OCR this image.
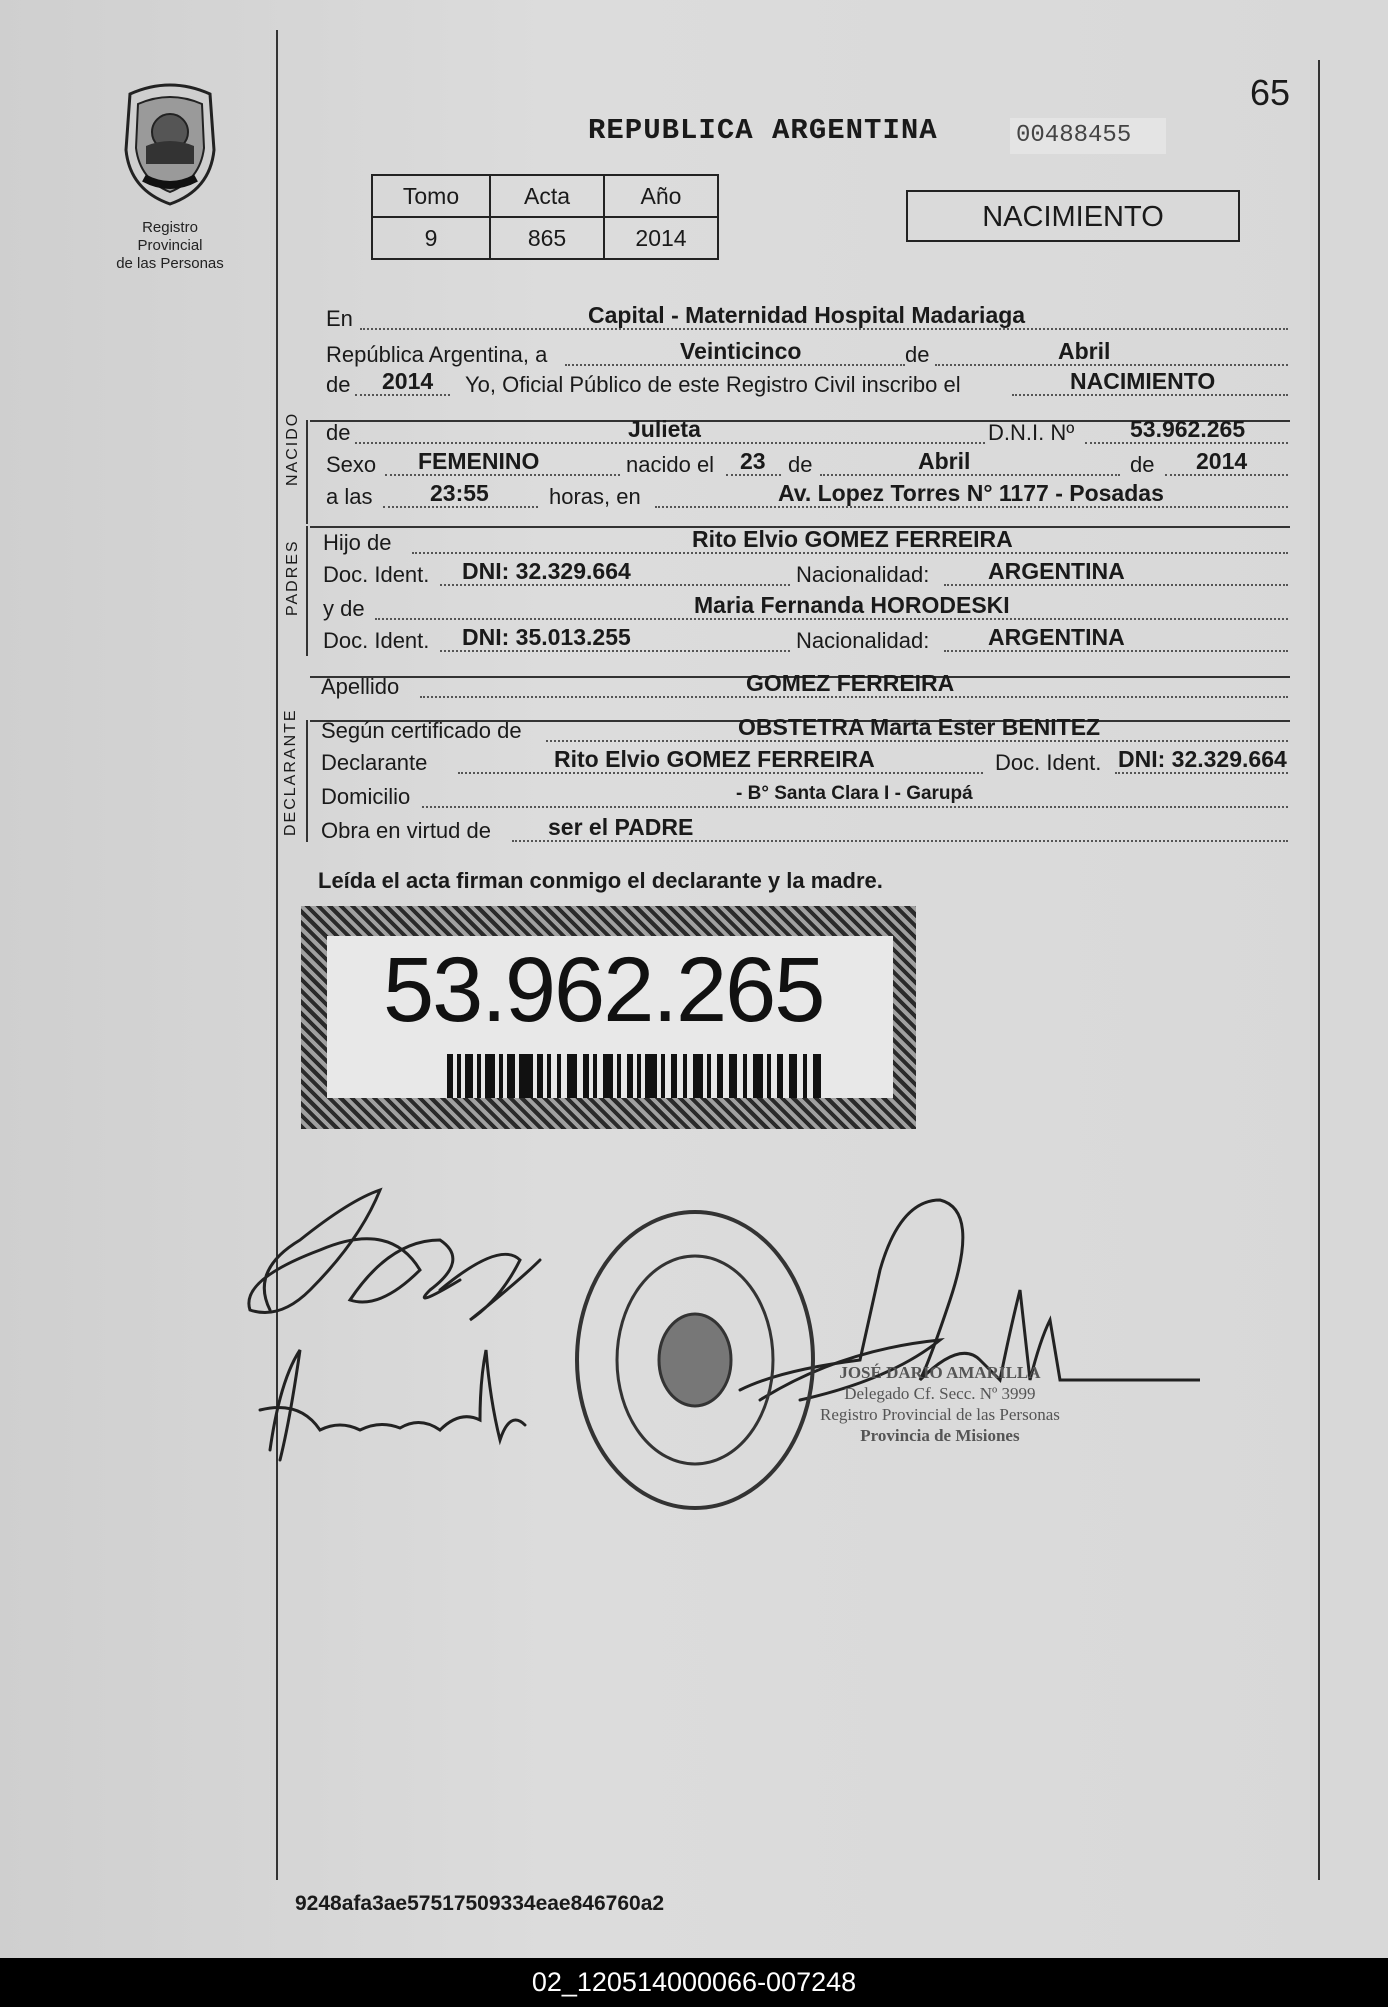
Registro Provincial
de las Personas
65
REPUBLICA ARGENTINA	00488455
Tomo	Acta	Año
9	865	2014
NACIMIENTO
En	Capital - Maternidad Hospital Madariaga
República Argentina, a	Veinticinco	de	Abril
de 2014 Yo, Oficial Público de este Registro Civil inscribo el	NACIMIENTO
NACIDO de	Julieta	D.N.I. Nº 53.962.265
Sexo FEMENINO	nacido el 23 de	Abril	de 2014
a las	23:55	horas, en	Av. Lopez Torres N° 1177 - Posadas
PADRES Hijo de	Rito Elvio GOMEZ FERREIRA
Doc. Ident. DNI: 32.329.664	Nacionalidad:	ARGENTINA
y de	Maria Fernanda HORODESKI
Doc. Ident. DNI: 35.013.255	Nacionalidad:	ARGENTINA
Apellido	GOMEZ FERREIRA
DECLARANTE Según certificado de	OBSTETRA Marta Ester BENITEZ
Declarante	Rito Elvio GOMEZ FERREIRA	Doc. Ident. DNI: 32.329.664
Domicilio	- B° Santa Clara I - Garupá
Obra en virtud de ser el PADRE
Leída el acta firman conmigo el declarante y la madre.
53.962.265
JOSÉ DARIO AMARILLA
Delegado Cf. Secc. Nº 3999
Registro Provincial de las Personas
Provincia de Misiones
9248afa3ae57517509334eae846760a2
02_120514000066-007248
